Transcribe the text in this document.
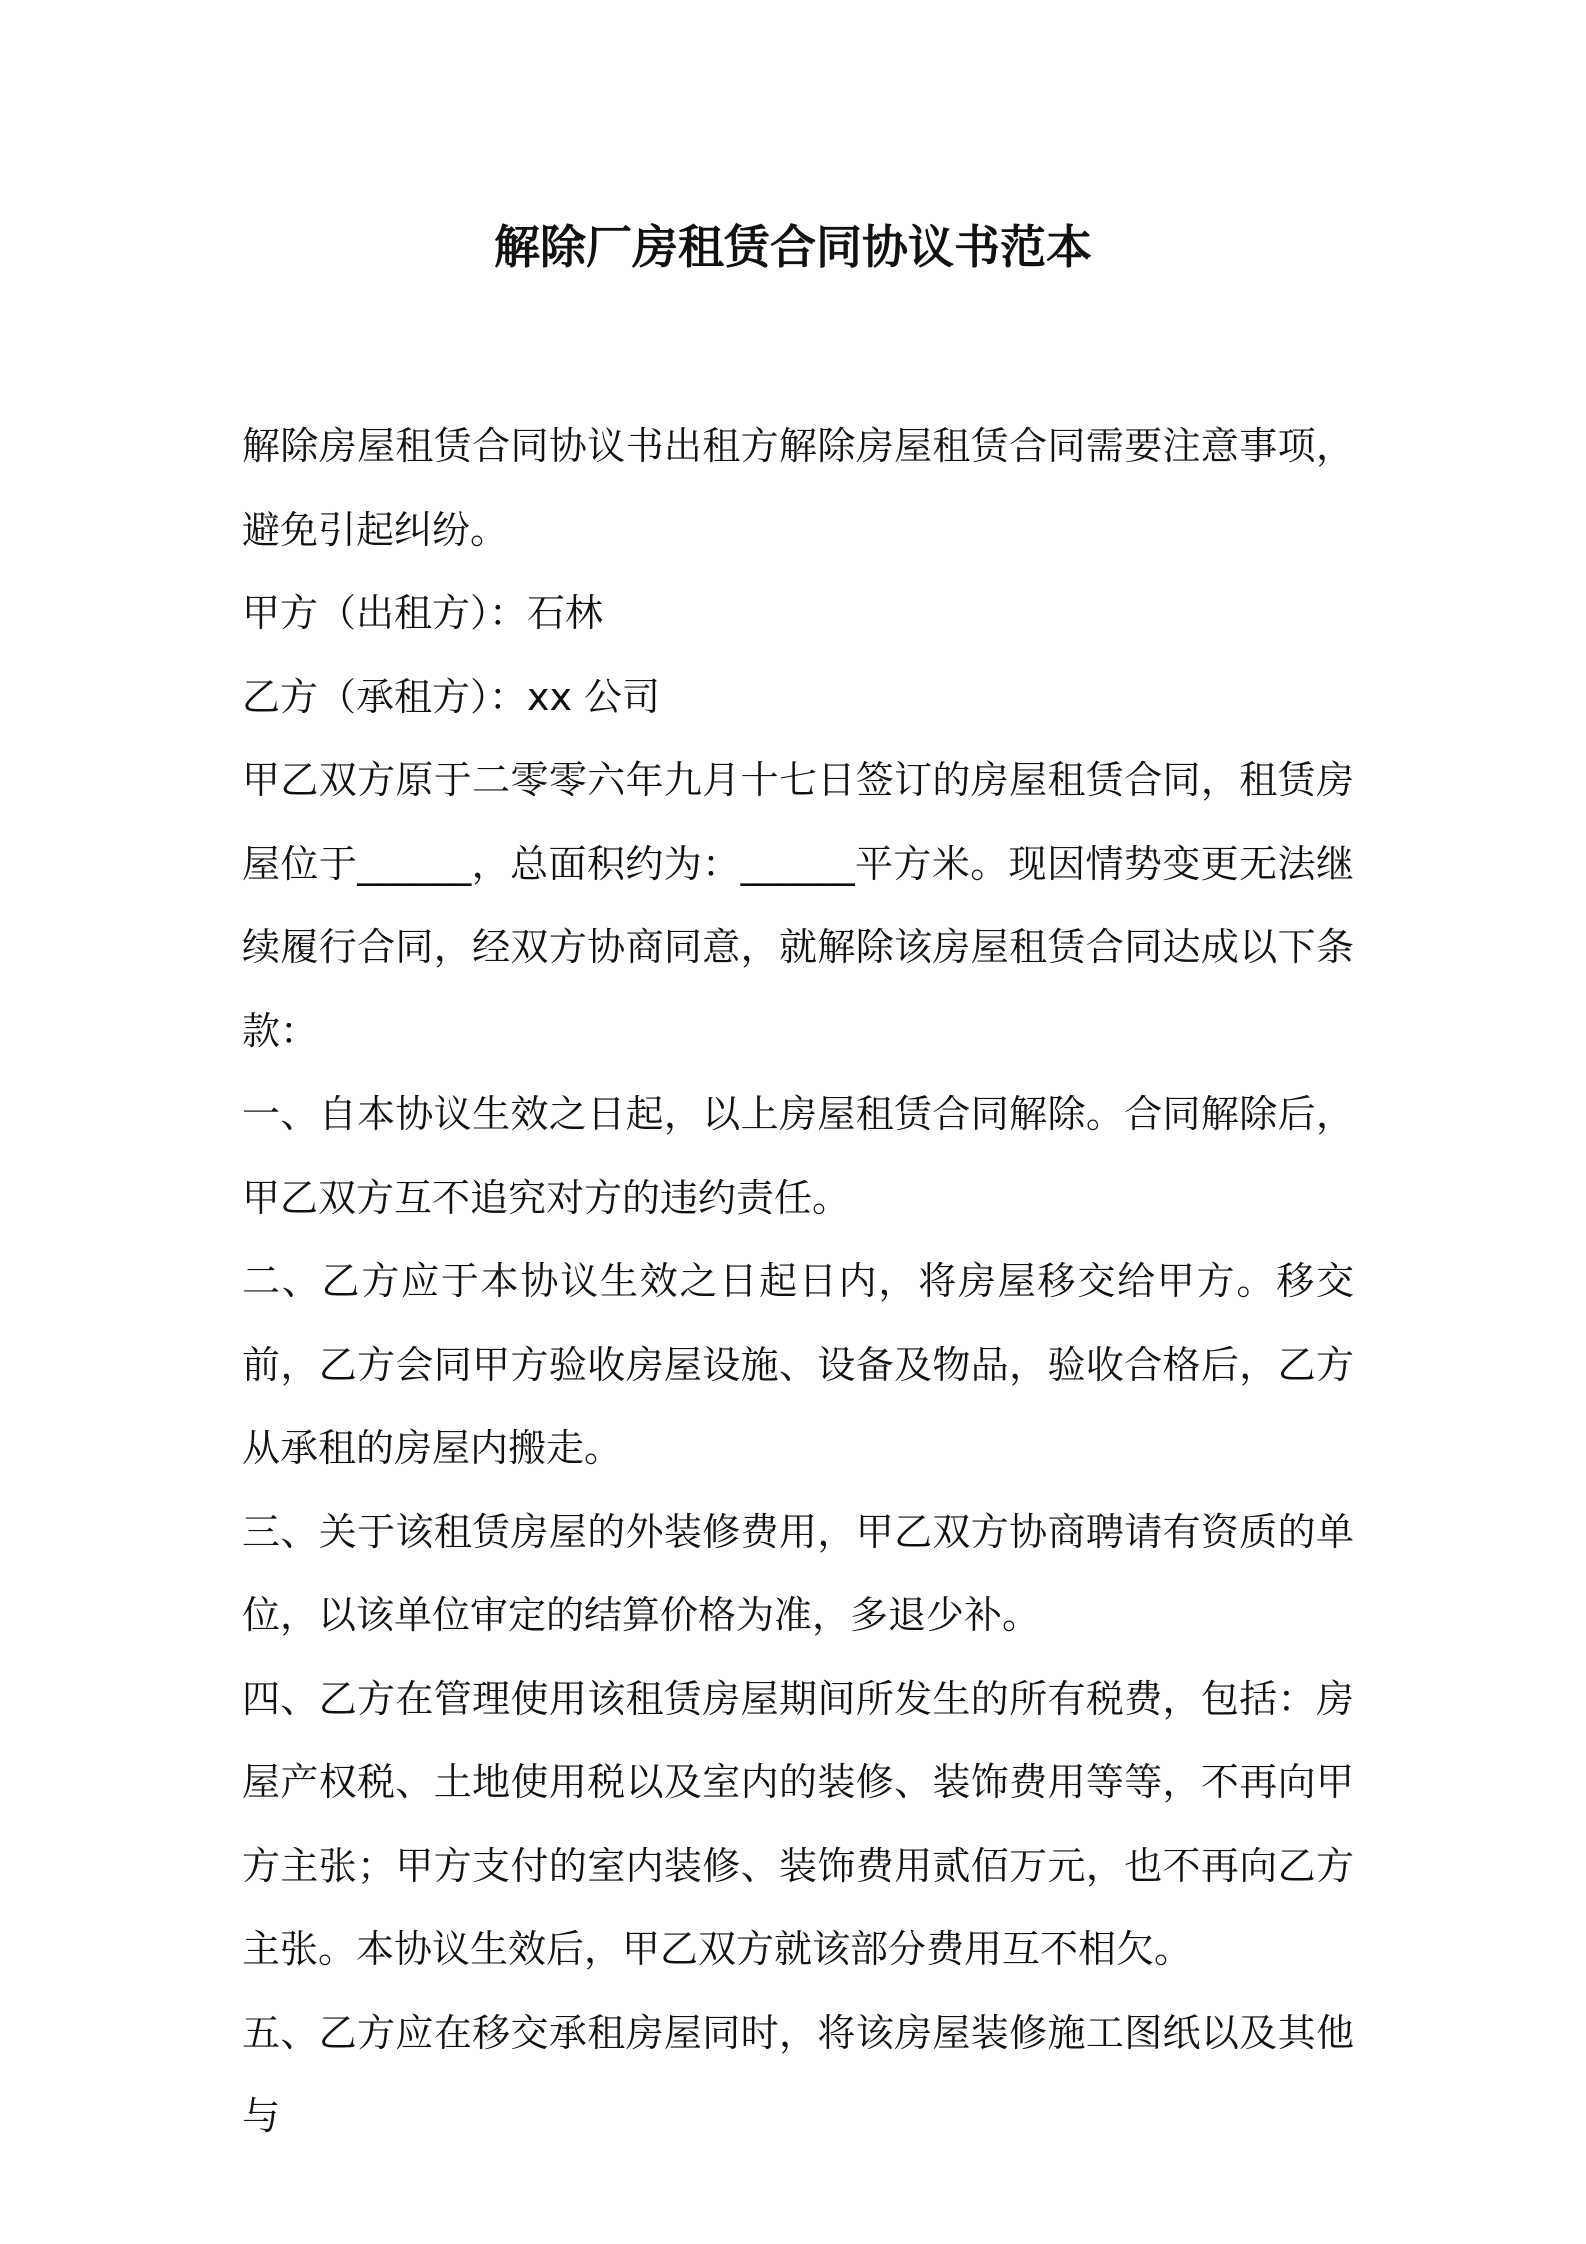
解除厂房租赁合同协议书范本

解除房屋租赁合同协议书出租方解除房屋租赁合同需要注意事项，避免引起纠纷。

甲方（出租方）：石林

乙方（承租方）：xx 公司

甲乙双方原于二零零六年九月十七日签订的房屋租赁合同，租赁房屋位于______，总面积约为：______平方米。现因情势变更无法继续履行合同，经双方协商同意，就解除该房屋租赁合同达成以下条款：

一、自本协议生效之日起，以上房屋租赁合同解除。合同解除后，甲乙双方互不追究对方的违约责任。

二、乙方应于本协议生效之日起日内，将房屋移交给甲方。移交前，乙方会同甲方验收房屋设施、设备及物品，验收合格后，乙方从承租的房屋内搬走。

三、关于该租赁房屋的外装修费用，甲乙双方协商聘请有资质的单位，以该单位审定的结算价格为准，多退少补。

四、乙方在管理使用该租赁房屋期间所发生的所有税费，包括：房屋产权税、土地使用税以及室内的装修、装饰费用等等，不再向甲方主张；甲方支付的室内装修、装饰费用贰佰万元，也不再向乙方主张。本协议生效后，甲乙双方就该部分费用互不相欠。

五、乙方应在移交承租房屋同时，将该房屋装修施工图纸以及其他与
